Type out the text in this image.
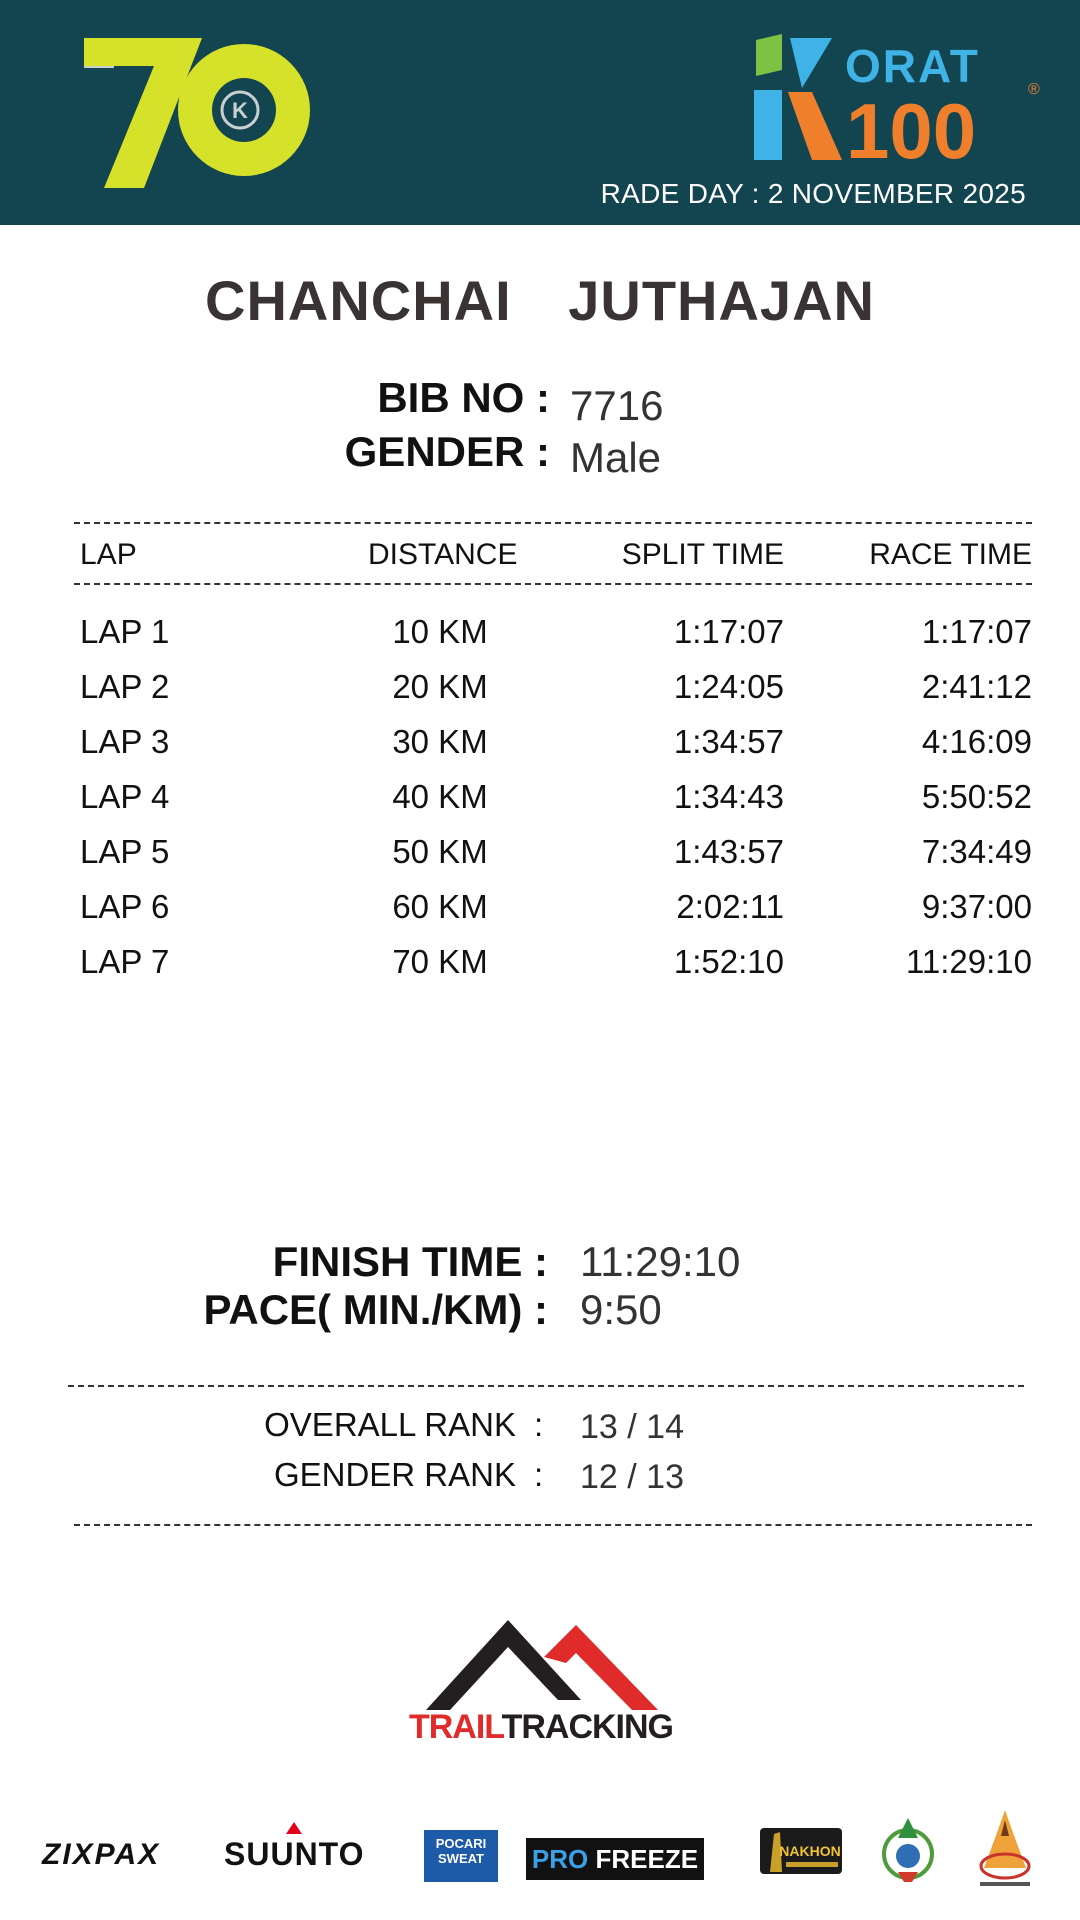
K
ORAT
100	®
RADE DAY : 2 NOVEMBER 2025
CHANCHAI JUTHAJAN
BIB NO : 7716
GENDER : Male
LAP	DISTANCE	SPLIT TIME	RACE TIME
LAP 1	10 KM	1:17:07	1:17:07
LAP 2	20 KM	1:24:05	2:41:12
LAP 3	30 KM	1:34:57	4:16:09
LAP 4	40 KM	1:34:43	5:50:52
LAP 5	50 KM	1:43:57	7:34:49
LAP 6	60 KM	2:02:11	9:37:00
LAP 7	70 KM	1:52:10	11:29:10
FINISH TIME : 11:29:10
PACE( MIN./KM) : 9:50
OVERALL RANK : 13 / 14
GENDER RANK : 12 / 13
TRAILTRACKING
ZIXPAX SUUNTO	POCARI
SWEAT	PRO FREEZE	NAKHON
